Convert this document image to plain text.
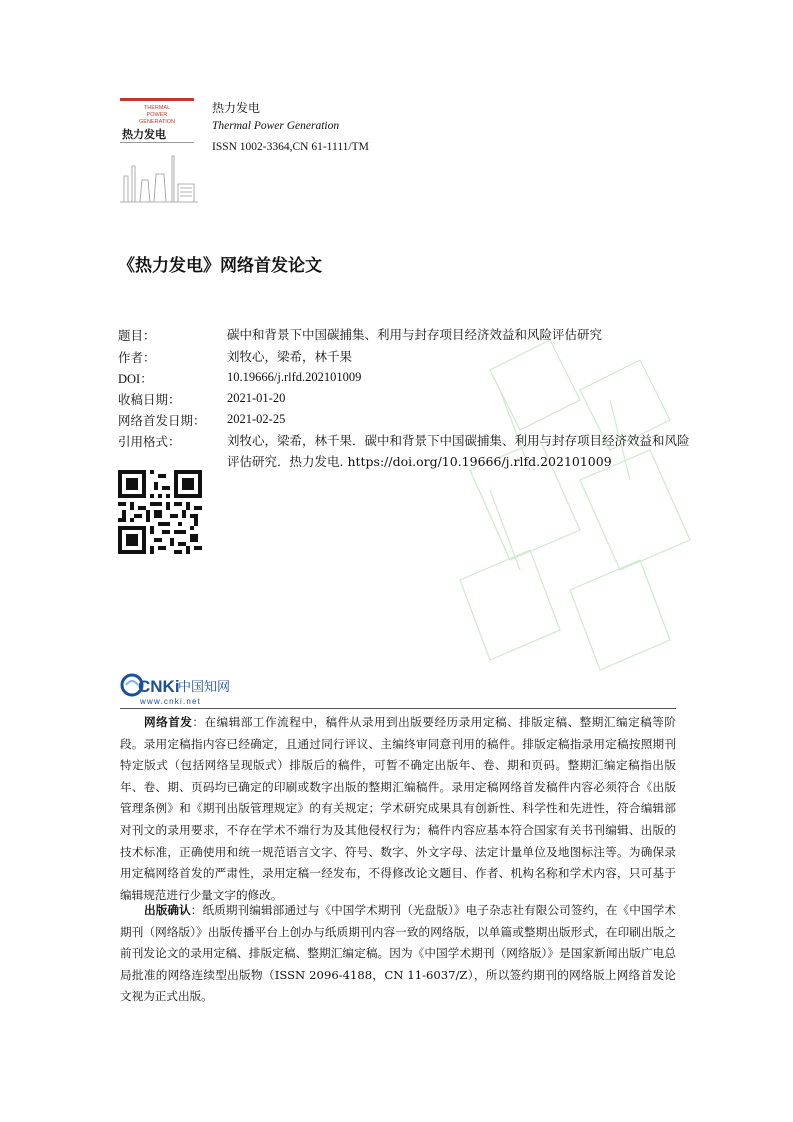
THERMAL
POWER
GENERATION
热力发电
热力发电
Thermal Power Generation
ISSN 1002-3364,CN 61-1111/TM
《热力发电》网络首发论文
题目：	碳中和背景下中国碳捕集、利用与封存项目经济效益和风险评估研究
作者：	刘牧心，梁希，林千果
DOI：	10.19666/j.rlfd.202101009
收稿日期：	2021-01-20
网络首发日期： 2021-02-25
引用格式：	刘牧心，梁希，林千果．碳中和背景下中国碳捕集、利用与封存项目经济效益和风险评估研究．热力发电. https://doi.org/10.19666/j.rlfd.202101009
CNKi
中国知网
www.cnki.net
网络首发：在编辑部工作流程中，稿件从录用到出版要经历录用定稿、排版定稿、整期汇编定稿等阶段。录用定稿指内容已经确定，且通过同行评议、主编终审同意刊用的稿件。排版定稿指录用定稿按照期刊特定版式（包括网络呈现版式）排版后的稿件，可暂不确定出版年、卷、期和页码。整期汇编定稿指出版年、卷、期、页码均已确定的印刷或数字出版的整期汇编稿件。录用定稿网络首发稿件内容必须符合《出版管理条例》和《期刊出版管理规定》的有关规定；学术研究成果具有创新性、科学性和先进性，符合编辑部对刊文的录用要求，不存在学术不端行为及其他侵权行为；稿件内容应基本符合国家有关书刊编辑、出版的技术标准，正确使用和统一规范语言文字、符号、数字、外文字母、法定计量单位及地图标注等。为确保录用定稿网络首发的严肃性，录用定稿一经发布，不得修改论文题目、作者、机构名称和学术内容，只可基于编辑规范进行少量文字的修改。
出版确认：纸质期刊编辑部通过与《中国学术期刊（光盘版）》电子杂志社有限公司签约，在《中国学术期刊（网络版）》出版传播平台上创办与纸质期刊内容一致的网络版，以单篇或整期出版形式，在印刷出版之前刊发论文的录用定稿、排版定稿、整期汇编定稿。因为《中国学术期刊（网络版）》是国家新闻出版广电总局批准的网络连续型出版物（ISSN 2096-4188，CN 11-6037/Z），所以签约期刊的网络版上网络首发论文视为正式出版。
